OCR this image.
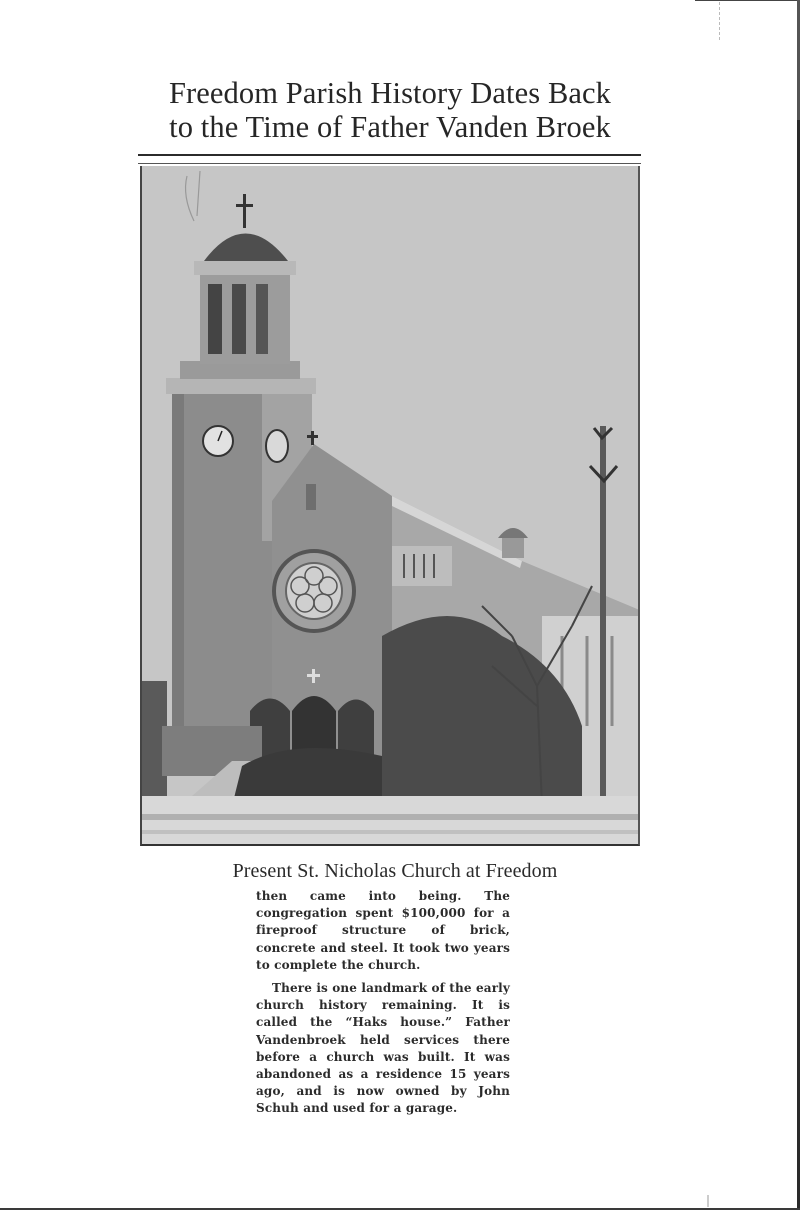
Freedom Parish History Dates Back
to the Time of Father Vanden Broek
Present St. Nicholas Church at Freedom

then came into being. The congregation spent $100,000 for a fireproof structure of brick, concrete and steel. It took two years to complete the church.

There is one landmark of the early church history remaining. It is called the “Haks house.” Father Vandenbroek held services there before a church was built. It was abandoned as a residence 15 years ago, and is now owned by John Schuh and used for a garage.
